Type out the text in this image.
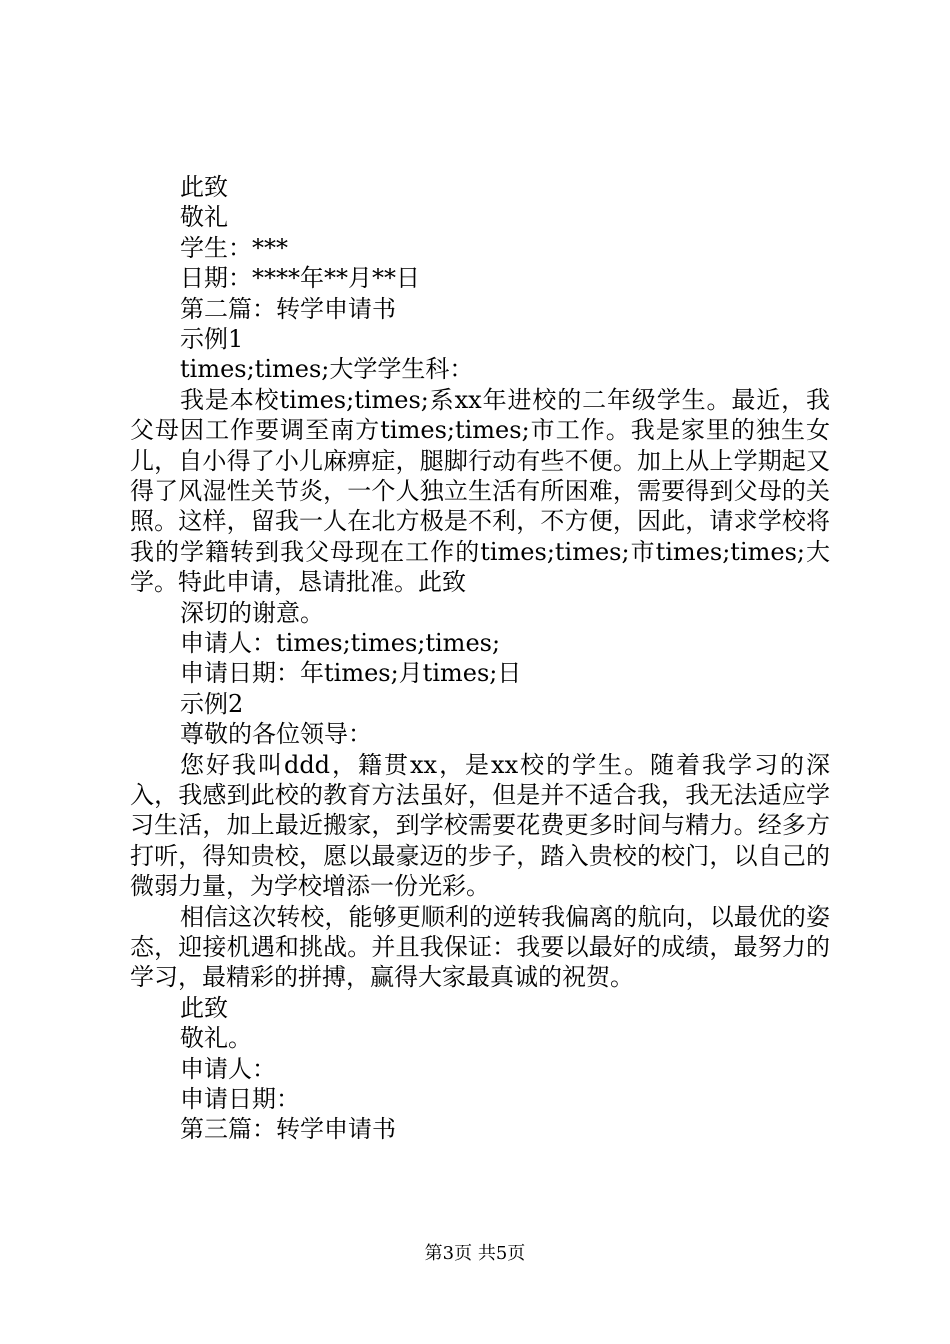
此致
敬礼
学生：***
日期：****年**月**日
第二篇：转学申请书
示例1
times;times;大学学生科：

我是本校times;times;系xx年进校的二年级学生。最近，我父母因工作要调至南方times;times;市工作。我是家里的独生女儿，自小得了小儿麻痹症，腿脚行动有些不便。加上从上学期起又得了风湿性关节炎，一个人独立生活有所困难，需要得到父母的关照。这样，留我一人在北方极是不利，不方便，因此，请求学校将我的学籍转到我父母现在工作的times;times;市times;times;大学。特此申请，恳请批准。此致

深切的谢意。
申请人：times;times;times;
申请日期：年times;月times;日
示例2
尊敬的各位领导：

您好我叫ddd，籍贯xx，是xx校的学生。随着我学习的深入，我感到此校的教育方法虽好，但是并不适合我，我无法适应学习生活，加上最近搬家，到学校需要花费更多时间与精力。经多方打听，得知贵校，愿以最豪迈的步子，踏入贵校的校门，以自己的微弱力量，为学校增添一份光彩。

相信这次转校，能够更顺利的逆转我偏离的航向，以最优的姿态，迎接机遇和挑战。并且我保证：我要以最好的成绩，最努力的学习，最精彩的拼搏，赢得大家最真诚的祝贺。

此致
敬礼。
申请人：
申请日期：
第三篇：转学申请书
第3页 共5页
